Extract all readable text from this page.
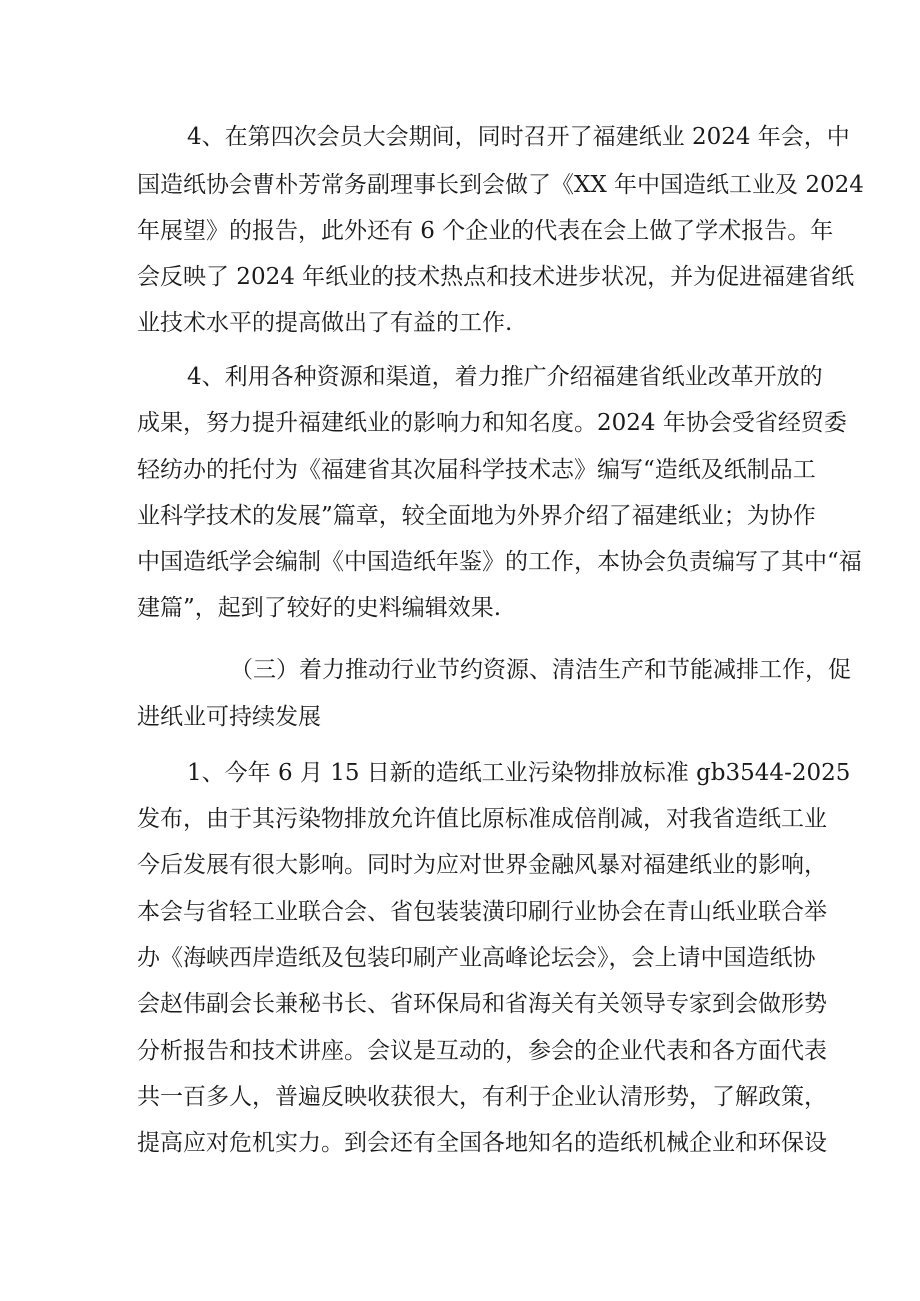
4、在第四次会员大会期间，同时召开了福建纸业 2024 年会，中
国造纸协会曹朴芳常务副理事长到会做了《XX 年中国造纸工业及 2024
年展望》的报告，此外还有 6 个企业的代表在会上做了学术报告。年
会反映了 2024 年纸业的技术热点和技术进步状况，并为促进福建省纸
业技术水平的提高做出了有益的工作.
4、利用各种资源和渠道，着力推广介绍福建省纸业改革开放的
成果，努力提升福建纸业的影响力和知名度。2024 年协会受省经贸委
轻纺办的托付为《福建省其次届科学技术志》编写“造纸及纸制品工
业科学技术的发展”篇章，较全面地为外界介绍了福建纸业；为协作
中国造纸学会编制《中国造纸年鉴》的工作，本协会负责编写了其中“福
建篇”，起到了较好的史料编辑效果.
（三）着力推动行业节约资源、清洁生产和节能减排工作，促
进纸业可持续发展
1、今年 6 月 15 日新的造纸工业污染物排放标准 gb3544-2025
发布，由于其污染物排放允许值比原标准成倍削减，对我省造纸工业
今后发展有很大影响。同时为应对世界金融风暴对福建纸业的影响，
本会与省轻工业联合会、省包装装潢印刷行业协会在青山纸业联合举
办《海峡西岸造纸及包装印刷产业高峰论坛会》，会上请中国造纸协
会赵伟副会长兼秘书长、省环保局和省海关有关领导专家到会做形势
分析报告和技术讲座。会议是互动的，参会的企业代表和各方面代表
共一百多人，普遍反映收获很大，有利于企业认清形势，了解政策，
提高应对危机实力。到会还有全国各地知名的造纸机械企业和环保设
